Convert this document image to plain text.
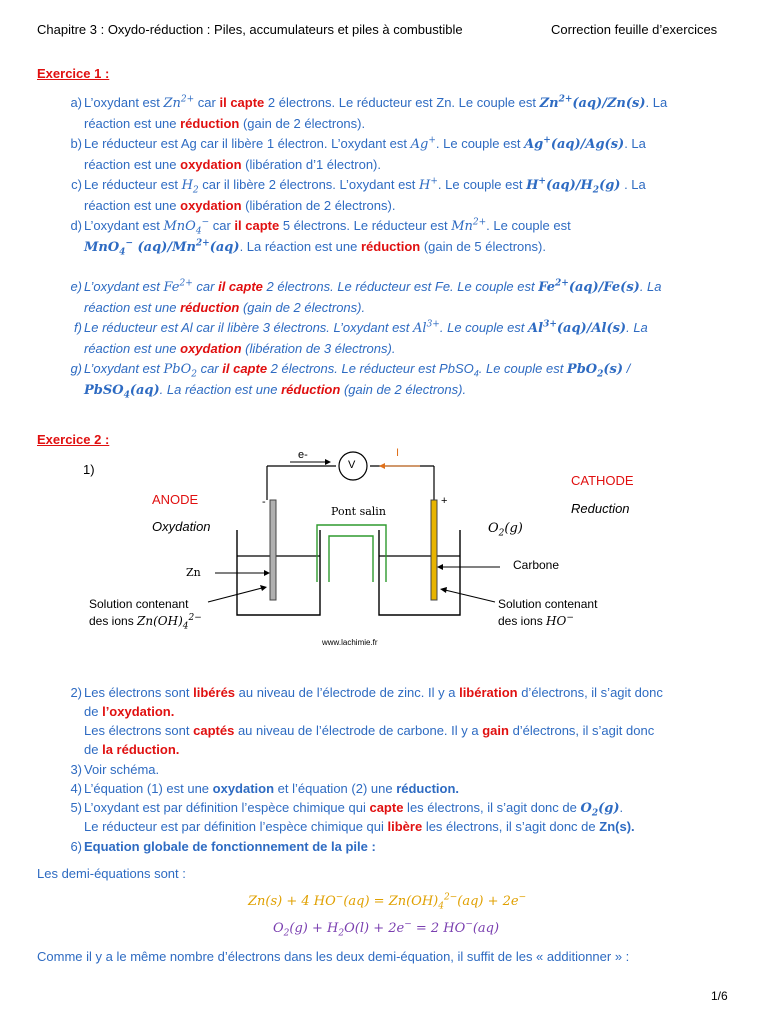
Chapitre 3 : Oxydo-réduction : Piles, accumulateurs et piles à combustible	Correction feuille d’exercices
Exercice 1 :
a) L’oxydant est $Zn^{2+}$ car il capte 2 électrons. Le réducteur est Zn. Le couple est $Zn^{2+}(aq)/Zn(s)$. La
réaction est une réduction (gain de 2 électrons).
b) Le réducteur est Ag car il libère 1 électron. L’oxydant est Ag+. Le couple est Ag+(aq)/Ag(s). La
réaction est une oxydation (libération d’1 électron).
c) Le réducteur est $H_2$ car il libère 2 électrons. L’oxydant est H+. Le couple est $H^+(aq)/H_2(g)$ . La
réaction est une oxydation (libération de 2 électrons).
d) L’oxydant est MnO$_4$− car il capte 5 électrons. Le réducteur est $Mn^{2+}$. Le couple est
MnO$_4$− $(aq)/Mn^{2+}(aq)$. La réaction est une réduction (gain de 5 électrons).
e) L’oxydant est $Fe^{2+}$ car il capte 2 électrons. Le réducteur est Fe. Le couple est $Fe^{2+}(aq)/Fe(s)$. La
réaction est une réduction (gain de 2 électrons).
f) Le réducteur est Al car il libère 3 électrons. L’oxydant est $Al^{3+}$. Le couple est $Al^{3+}(aq)/Al(s)$. La
réaction est une oxydation (libération de 3 électrons).
g) L’oxydant est PbO$_2$ car il capte 2 électrons. Le réducteur est PbSO$_4$. Le couple est PbO$_2$(s) /
PbSO$_4$(aq). La réaction est une réduction (gain de 2 électrons).
Exercice 2 :
1)	V
e-	I
-	+
Pont salin
ANODE
Oxydation
CATHODE
Reduction
$O_2(g)$
Zn
Carbone
Solution contenant
des ions $Zn(OH)_4^{2-}$
Solution contenant
des ions HO−
www.lachimie.fr
2) Les électrons sont libérés au niveau de l’électrode de zinc. Il y a libération d’électrons, il s’agit donc
de l’oxydation.
Les électrons sont captés au niveau de l’électrode de carbone. Il y a gain d’électrons, il s’agit donc
de la réduction.
3) Voir schéma.
4) L’équation (1) est une oxydation et l’équation (2) une réduction.
5) L’oxydant est par définition l’espèce chimique qui capte les électrons, il s’agit donc de $O_2(g)$.
Le réducteur est par définition l’espèce chimique qui libère les électrons, il s’agit donc de Zn(s).
6) Equation globale de fonctionnement de la pile :
Les demi-équations sont :
Zn(s) + 4 $HO^-(aq) = Zn(OH)_4^{2-}(aq) + 2e^-$
$O_2(g) + H_2O(l) + 2e^- = 2$ HO−(aq)
Comme il y a le même nombre d’électrons dans les deux demi-équation, il suffit de les « additionner » :
1/6
